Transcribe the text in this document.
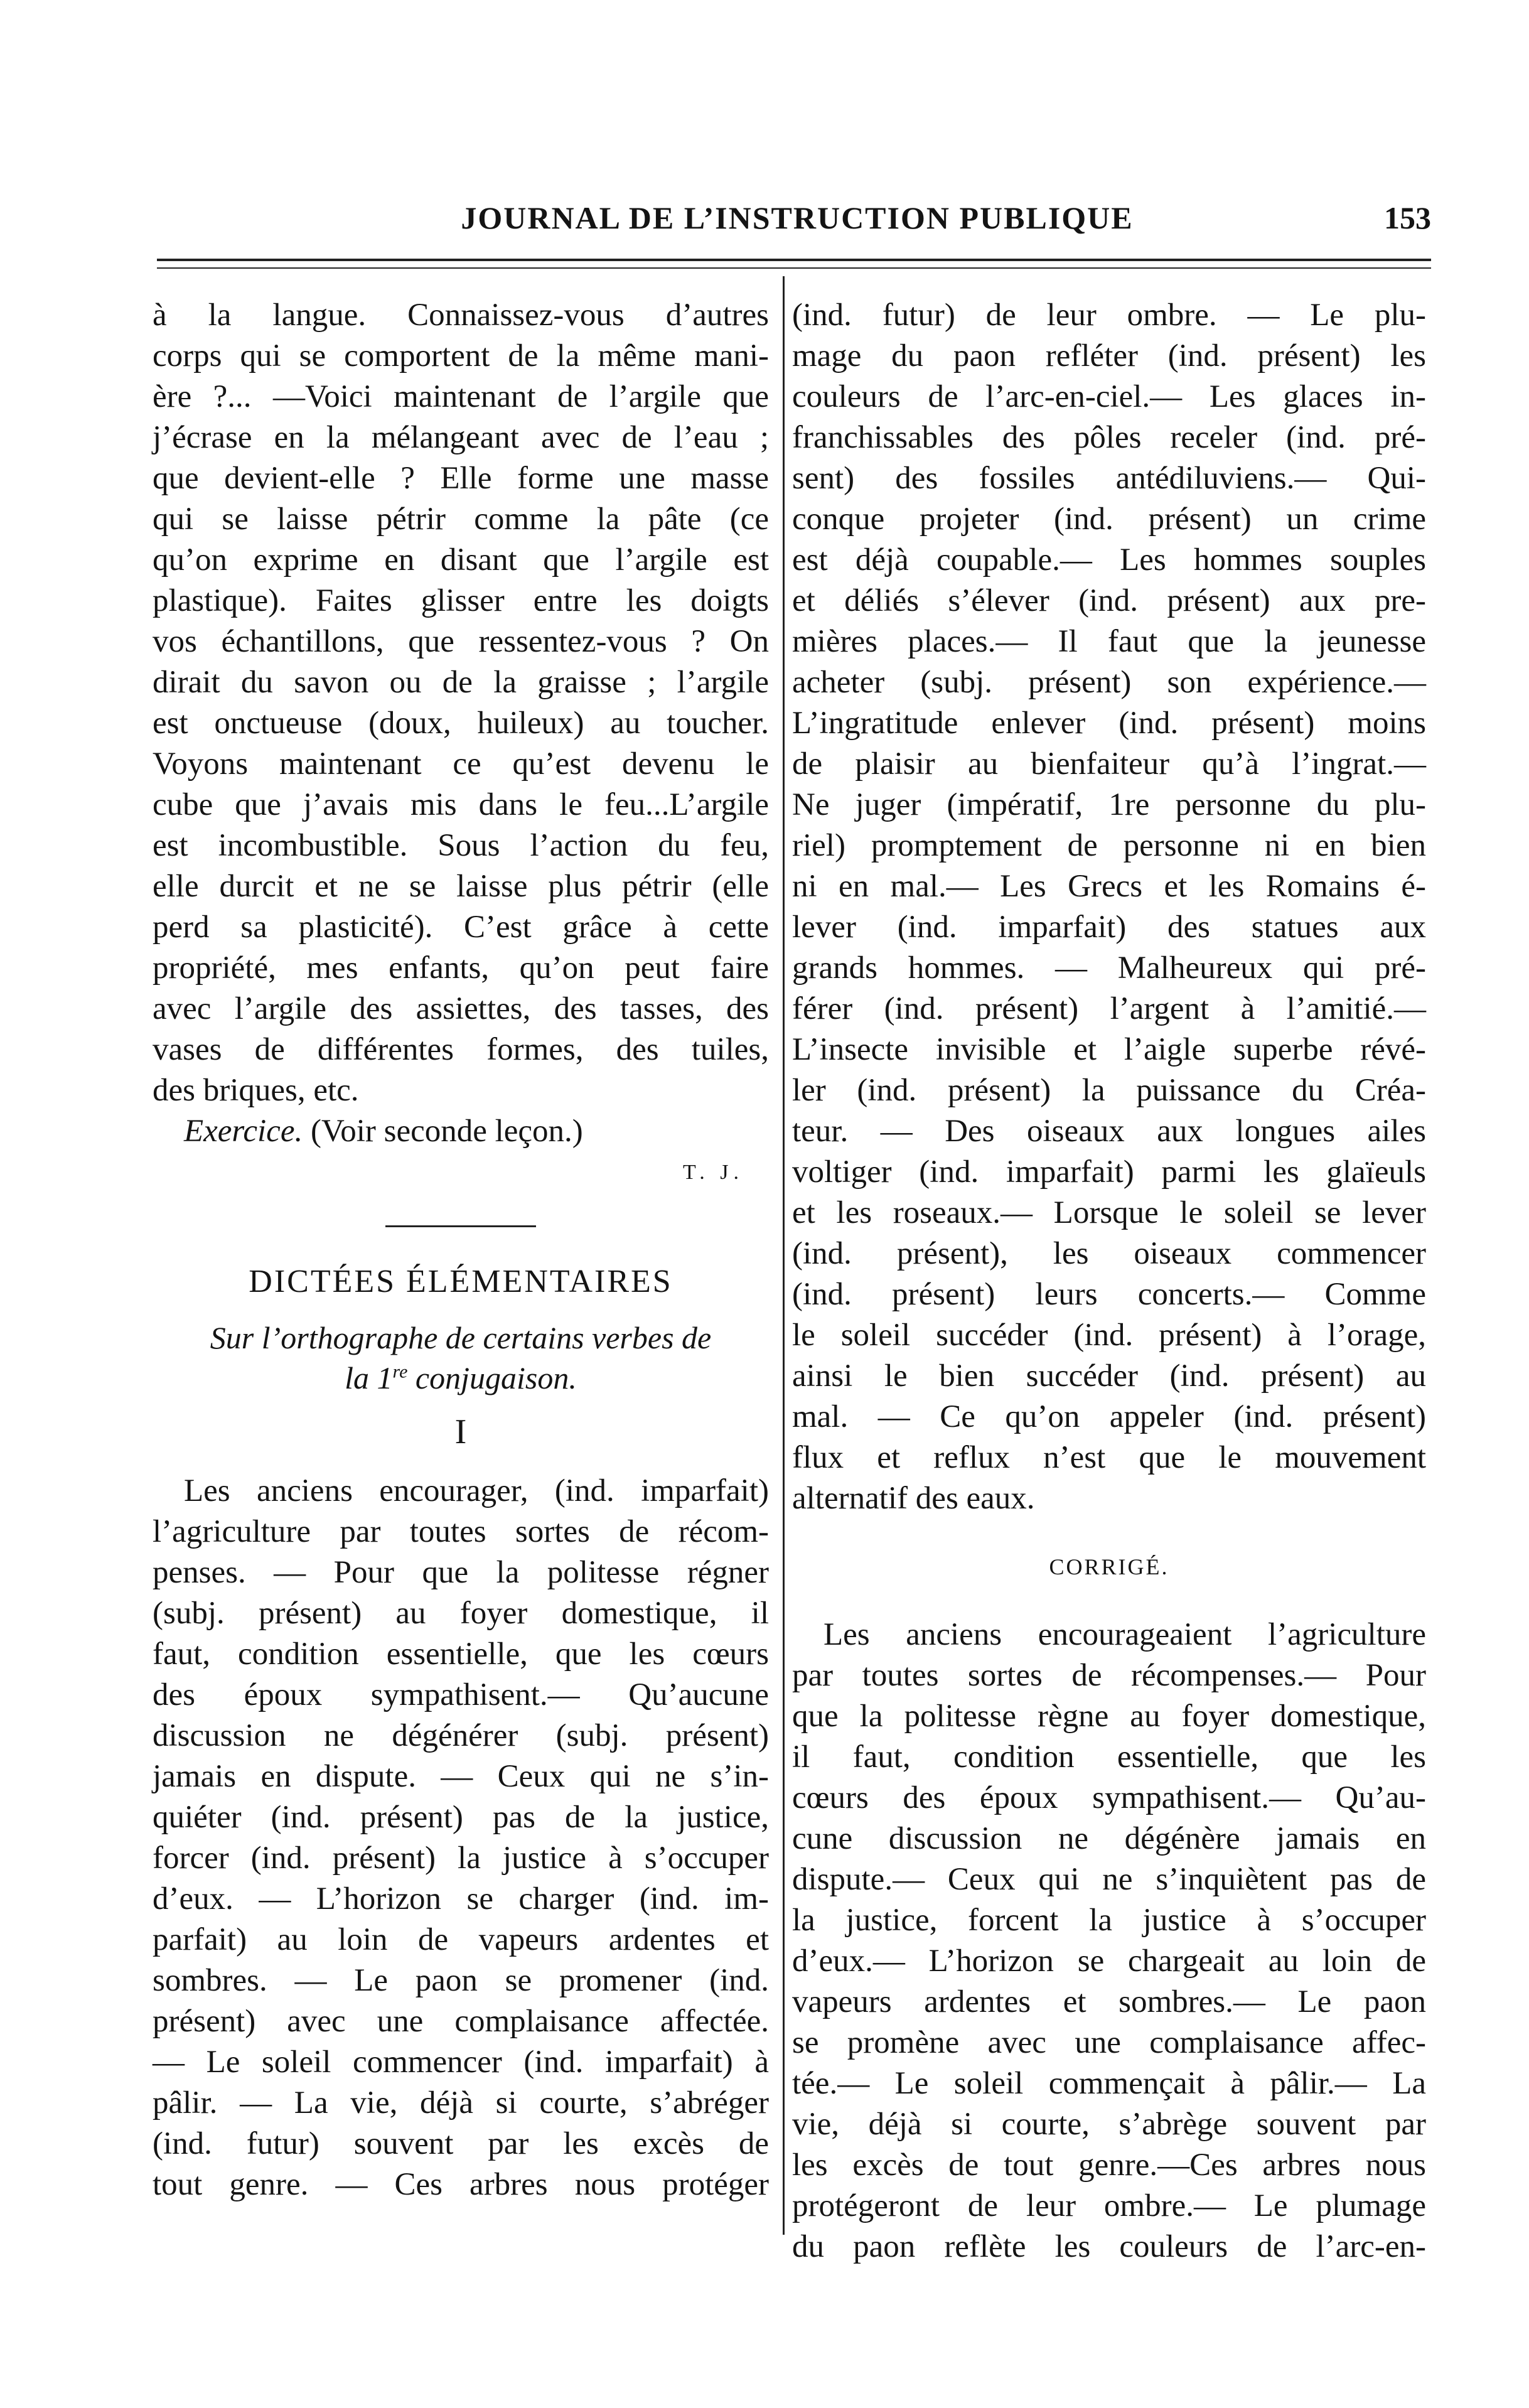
JOURNAL DE L’INSTRUCTION PUBLIQUE	153
à la langue. Connaissez-vous d’autres
corps qui se comportent de la même mani-
ère ?... —Voici maintenant de l’argile que
j’écrase en la mélangeant avec de l’eau ;
que devient-elle ? Elle forme une masse
qui se laisse pétrir comme la pâte (ce
qu’on exprime en disant que l’argile est
plastique). Faites glisser entre les doigts
vos échantillons, que ressentez-vous ? On
dirait du savon ou de la graisse ; l’argile
est onctueuse (doux, huileux) au toucher.
Voyons maintenant ce qu’est devenu le
cube que j’avais mis dans le feu...L’argile
est incombustible. Sous l’action du feu,
elle durcit et ne se laisse plus pétrir (elle
perd sa plasticité). C’est grâce à cette
propriété, mes enfants, qu’on peut faire
avec l’argile des assiettes, des tasses, des
vases de différentes formes, des tuiles,
des briques, etc.
Exercice. (Voir seconde leçon.)
T. J.
DICTÉES ÉLÉMENTAIRES
Sur l’orthographe de certains verbes de
la 1re conjugaison.
I
Les anciens encourager, (ind. imparfait)
l’agriculture par toutes sortes de récom-
penses. — Pour que la politesse régner
(subj. présent) au foyer domestique, il
faut, condition essentielle, que les cœurs
des époux sympathisent.— Qu’aucune
discussion ne dégénérer (subj. présent)
jamais en dispute. — Ceux qui ne s’in-
quiéter (ind. présent) pas de la justice,
forcer (ind. présent) la justice à s’occuper
d’eux. — L’horizon se charger (ind. im-
parfait) au loin de vapeurs ardentes et
sombres. — Le paon se promener (ind.
présent) avec une complaisance affectée.
— Le soleil commencer (ind. imparfait) à
pâlir. — La vie, déjà si courte, s’abréger
(ind. futur) souvent par les excès de
tout genre. — Ces arbres nous protéger
(ind. futur) de leur ombre. — Le plu-
mage du paon refléter (ind. présent) les
couleurs de l’arc-en-ciel.— Les glaces in-
franchissables des pôles receler (ind. pré-
sent) des fossiles antédiluviens.— Qui-
conque projeter (ind. présent) un crime
est déjà coupable.— Les hommes souples
et déliés s’élever (ind. présent) aux pre-
mières places.— Il faut que la jeunesse
acheter (subj. présent) son expérience.—
L’ingratitude enlever (ind. présent) moins
de plaisir au bienfaiteur qu’à l’ingrat.—
Ne juger (impératif, 1re personne du plu-
riel) promptement de personne ni en bien
ni en mal.— Les Grecs et les Romains é-
lever (ind. imparfait) des statues aux
grands hommes. — Malheureux qui pré-
férer (ind. présent) l’argent à l’amitié.—
L’insecte invisible et l’aigle superbe révé-
ler (ind. présent) la puissance du Créa-
teur. — Des oiseaux aux longues ailes
voltiger (ind. imparfait) parmi les glaïeuls
et les roseaux.— Lorsque le soleil se lever
(ind. présent), les oiseaux commencer
(ind. présent) leurs concerts.— Comme
le soleil succéder (ind. présent) à l’orage,
ainsi le bien succéder (ind. présent) au
mal. — Ce qu’on appeler (ind. présent)
flux et reflux n’est que le mouvement
alternatif des eaux.
CORRIGÉ.
Les anciens encourageaient l’agriculture
par toutes sortes de récompenses.— Pour
que la politesse règne au foyer domestique,
il faut, condition essentielle, que les
cœurs des époux sympathisent.— Qu’au-
cune discussion ne dégénère jamais en
dispute.— Ceux qui ne s’inquiètent pas de
la justice, forcent la justice à s’occuper
d’eux.— L’horizon se chargeait au loin de
vapeurs ardentes et sombres.— Le paon
se promène avec une complaisance affec-
tée.— Le soleil commençait à pâlir.— La
vie, déjà si courte, s’abrège souvent par
les excès de tout genre.—Ces arbres nous
protégeront de leur ombre.— Le plumage
du paon reflète les couleurs de l’arc-en-
